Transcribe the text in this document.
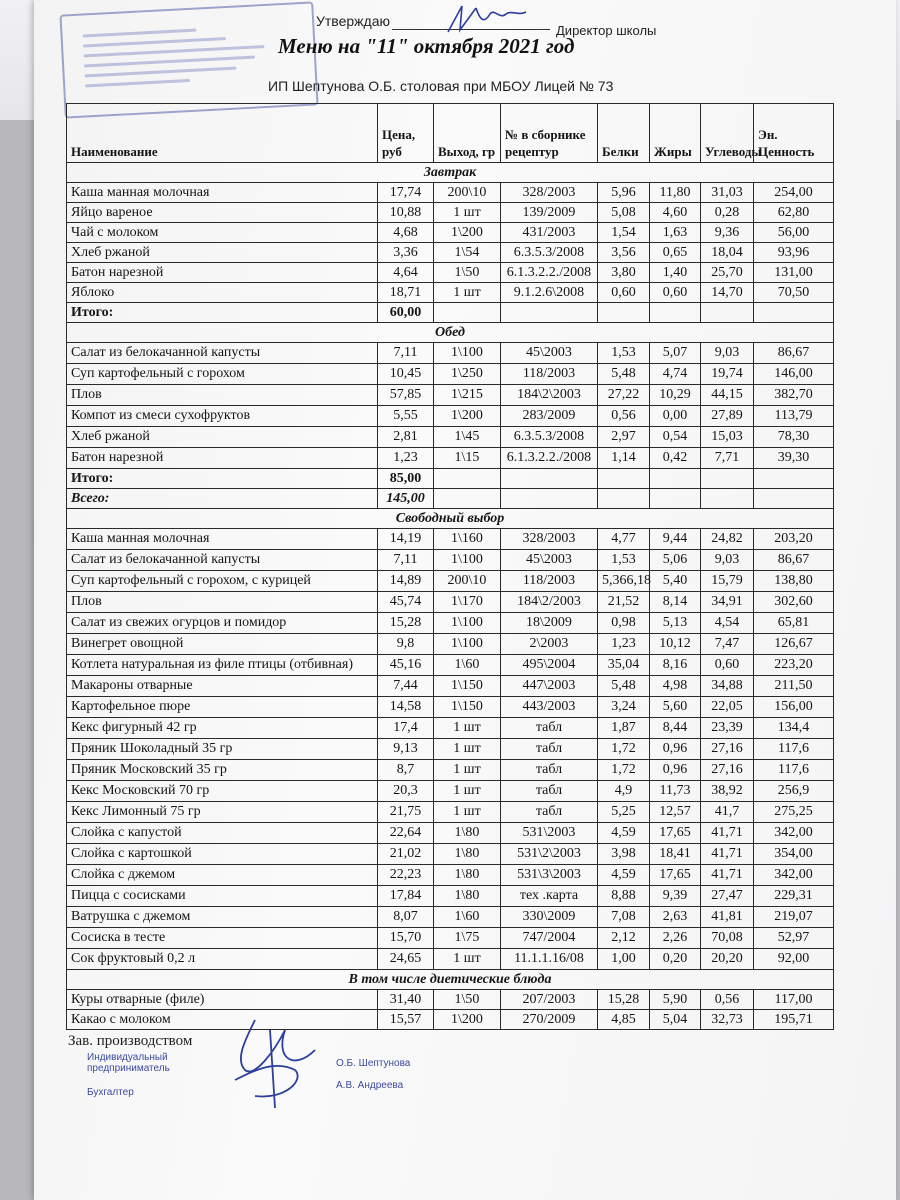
Утверждаю
Директор школы
Меню на "11" октября 2021 год
ИП Шептунова О.Б. столовая при МБОУ Лицей № 73
Наименование	Цена, руб	Выход, гр	№ в сборнике рецептур	Белки	Жиры	Углеводы	Эн. Ценность
Завтрак							
Каша манная молочная	17,74	200\10	328/2003	5,96	11,80	31,03	254,00
Яйцо вареное	10,88	1 шт	139/2009	5,08	4,60	0,28	62,80
Чай с молоком	4,68	1\200	431/2003	1,54	1,63	9,36	56,00
Хлеб ржаной	3,36	1\54	6.3.5.3/2008	3,56	0,65	18,04	93,96
Батон нарезной	4,64	1\50	6.1.3.2.2./2008	3,80	1,40	25,70	131,00
Яблоко	18,71	1 шт	9.1.2.6\2008	0,60	0,60	14,70	70,50
Итого:	60,00						
Обед							
Салат из белокачанной капусты	7,11	1\100	45\2003	1,53	5,07	9,03	86,67
Суп картофельный с горохом	10,45	1\250	118/2003	5,48	4,74	19,74	146,00
Плов	57,85	1\215	184\2\2003	27,22	10,29	44,15	382,70
Компот из смеси сухофруктов	5,55	1\200	283/2009	0,56	0,00	27,89	113,79
Хлеб ржаной	2,81	1\45	6.3.5.3/2008	2,97	0,54	15,03	78,30
Батон нарезной	1,23	1\15	6.1.3.2.2./2008	1,14	0,42	7,71	39,30
Итого:	85,00						
Всего:	145,00						
Свободный выбор							
Каша манная молочная	14,19	1\160	328/2003	4,77	9,44	24,82	203,20
Салат из белокачанной капусты	7,11	1\100	45\2003	1,53	5,06	9,03	86,67
Суп картофельный с горохом, с курицей	14,89	200\10	118/2003	5,366,18	5,40	15,79	138,80
Плов	45,74	1\170	184\2/2003	21,52	8,14	34,91	302,60
Салат из свежих огурцов и помидор	15,28	1\100	18\2009	0,98	5,13	4,54	65,81
Винегрет овощной	9,8	1\100	2\2003	1,23	10,12	7,47	126,67
Котлета натуральная из филе птицы (отбивная)	45,16	1\60	495\2004	35,04	8,16	0,60	223,20
Макароны отварные	7,44	1\150	447\2003	5,48	4,98	34,88	211,50
Картофельное пюре	14,58	1\150	443/2003	3,24	5,60	22,05	156,00
Кекс фигурный 42 гр	17,4	1 шт	табл	1,87	8,44	23,39	134,4
Пряник Шоколадный 35 гр	9,13	1 шт	табл	1,72	0,96	27,16	117,6
Пряник Московский 35 гр	8,7	1 шт	табл	1,72	0,96	27,16	117,6
Кекс Московский 70 гр	20,3	1 шт	табл	4,9	11,73	38,92	256,9
Кекс Лимонный 75 гр	21,75	1 шт	табл	5,25	12,57	41,7	275,25
Слойка с капустой	22,64	1\80	531\2003	4,59	17,65	41,71	342,00
Слойка с картошкой	21,02	1\80	531\2\2003	3,98	18,41	41,71	354,00
Слойка с джемом	22,23	1\80	531\3\2003	4,59	17,65	41,71	342,00
Пицца с сосисками	17,84	1\80	тех .карта	8,88	9,39	27,47	229,31
Ватрушка с джемом	8,07	1\60	330\2009	7,08	2,63	41,81	219,07
Сосиска в тесте	15,70	1\75	747/2004	2,12	2,26	70,08	52,97
Сок фруктовый 0,2 л	24,65	1 шт	11.1.1.16/08	1,00	0,20	20,20	92,00
В том числе диетические блюда							
Куры отварные (филе)	31,40	1\50	207/2003	15,28	5,90	0,56	117,00
Какао с молоком	15,57	1\200	270/2009	4,85	5,04	32,73	195,71
Зав. производством
Индивидуальный предприниматель
Бухгалтер
О.Б. Шептунова
А.В. Андреева
